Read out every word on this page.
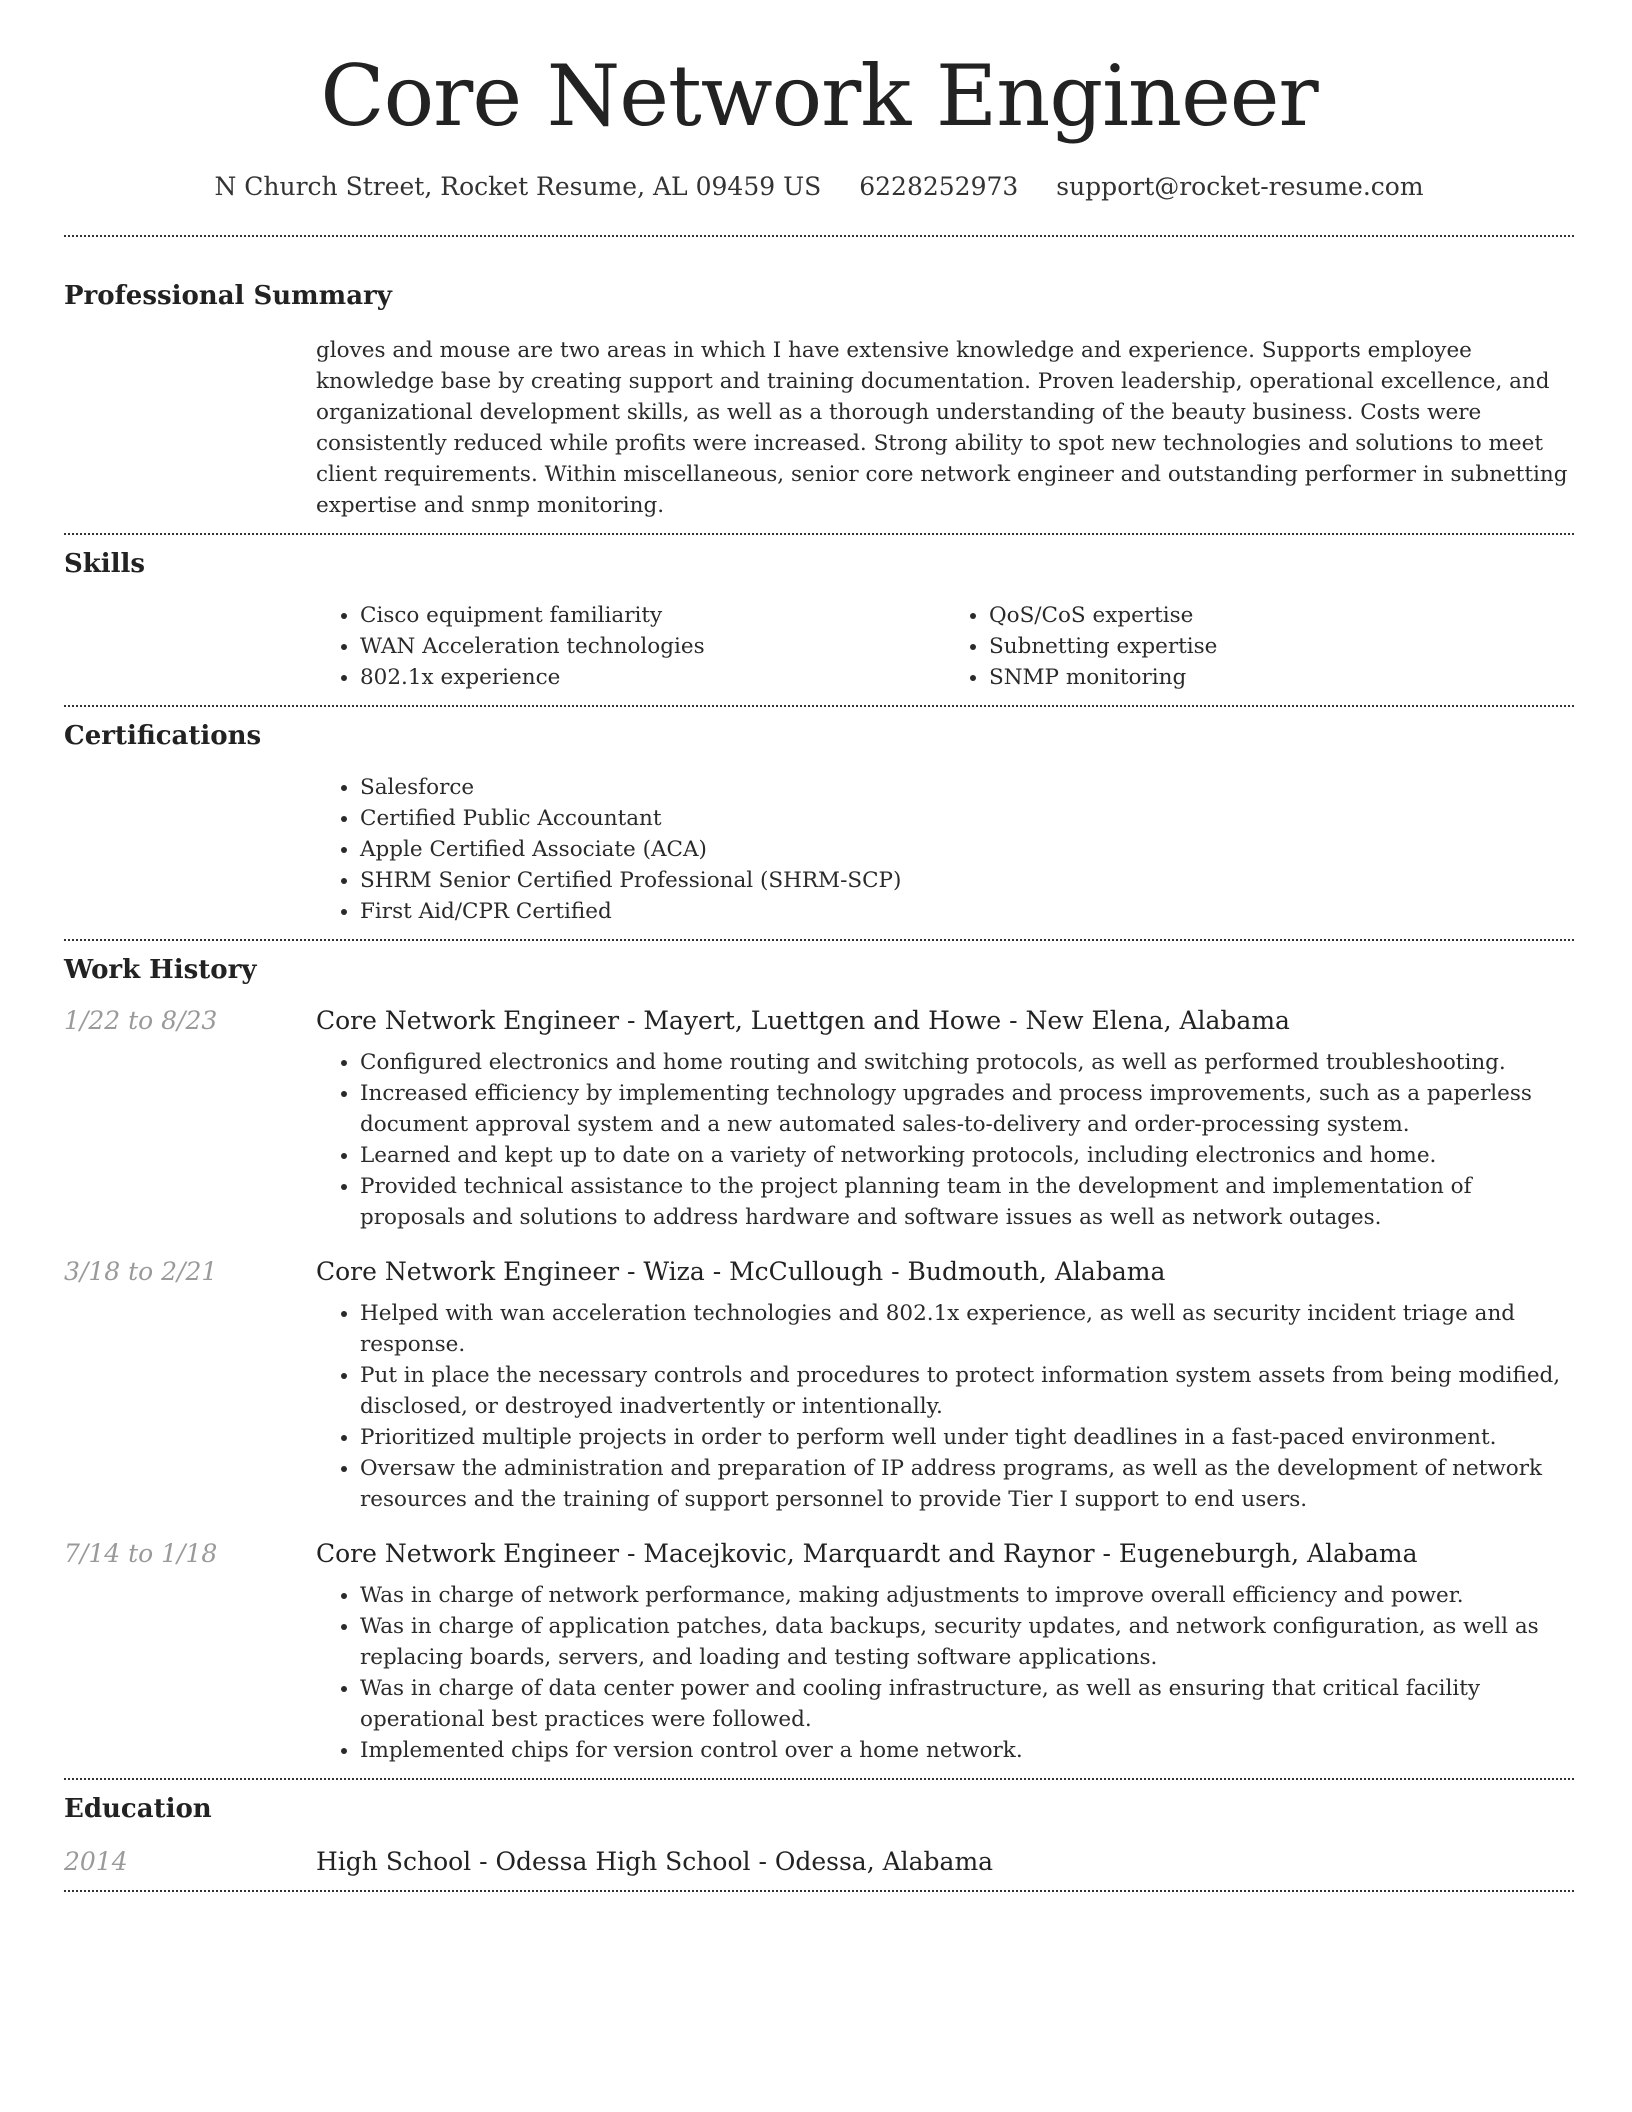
Core Network Engineer
N Church Street, Rocket Resume, AL 09459 US 6228252973 support@rocket-resume.com
Professional Summary
gloves and mouse are two areas in which I have extensive knowledge and experience. Supports employee knowledge base by creating support and training documentation. Proven leadership, operational excellence, and organizational development skills, as well as a thorough understanding of the beauty business. Costs were consistently reduced while profits were increased. Strong ability to spot new technologies and solutions to meet client requirements. Within miscellaneous, senior core network engineer and outstanding performer in subnetting expertise and snmp monitoring.
Skills
• Cisco equipment familiarity
• WAN Acceleration technologies
• 802.1x experience
• QoS/CoS expertise
• Subnetting expertise
• SNMP monitoring
Certifications
• Salesforce
• Certified Public Accountant
• Apple Certified Associate (ACA)
• SHRM Senior Certified Professional (SHRM-SCP)
• First Aid/CPR Certified
Work History
1/22 to 8/23	Core Network Engineer - Mayert, Luettgen and Howe - New Elena, Alabama
• Configured electronics and home routing and switching protocols, as well as performed troubleshooting.
• Increased efficiency by implementing technology upgrades and process improvements, such as a paperless document approval system and a new automated sales-to-delivery and order-processing system.
• Learned and kept up to date on a variety of networking protocols, including electronics and home.
• Provided technical assistance to the project planning team in the development and implementation of proposals and solutions to address hardware and software issues as well as network outages.
3/18 to 2/21	Core Network Engineer - Wiza - McCullough - Budmouth, Alabama
• Helped with wan acceleration technologies and 802.1x experience, as well as security incident triage and response.
• Put in place the necessary controls and procedures to protect information system assets from being modified, disclosed, or destroyed inadvertently or intentionally.
• Prioritized multiple projects in order to perform well under tight deadlines in a fast-paced environment.
• Oversaw the administration and preparation of IP address programs, as well as the development of network resources and the training of support personnel to provide Tier I support to end users.
7/14 to 1/18	Core Network Engineer - Macejkovic, Marquardt and Raynor - Eugeneburgh, Alabama
• Was in charge of network performance, making adjustments to improve overall efficiency and power.
• Was in charge of application patches, data backups, security updates, and network configuration, as well as replacing boards, servers, and loading and testing software applications.
• Was in charge of data center power and cooling infrastructure, as well as ensuring that critical facility operational best practices were followed.
• Implemented chips for version control over a home network.
Education
2014	High School - Odessa High School - Odessa, Alabama
